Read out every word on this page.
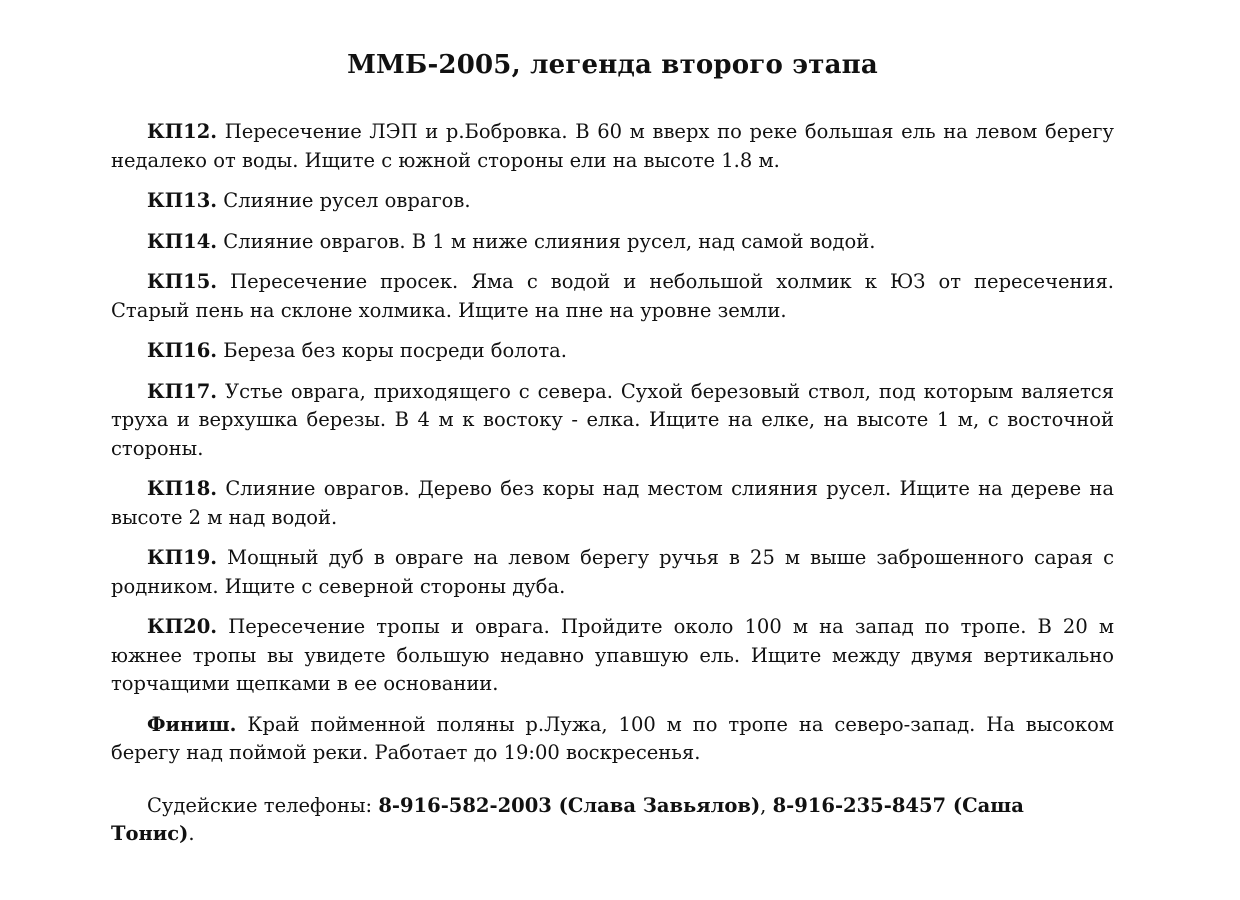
ММБ-2005, легенда второго этапа

КП12. Пересечение ЛЭП и р.Бобровка. В 60 м вверх по реке большая ель на левом берегу недалеко от воды. Ищите с южной стороны ели на высоте 1.8 м.

КП13. Слияние русел оврагов.

КП14. Слияние оврагов. В 1 м ниже слияния русел, над самой водой.

КП15. Пересечение просек. Яма с водой и небольшой холмик к ЮЗ от пересечения. Старый пень на склоне холмика. Ищите на пне на уровне земли.

КП16. Береза без коры посреди болота.

КП17. Устье оврага, приходящего с севера. Сухой березовый ствол, под которым валяется труха и верхушка березы. В 4 м к востоку - елка. Ищите на елке, на высоте 1 м, с восточной стороны.

КП18. Слияние оврагов. Дерево без коры над местом слияния русел. Ищите на дереве на высоте 2 м над водой.

КП19. Мощный дуб в овраге на левом берегу ручья в 25 м выше заброшенного сарая с родником. Ищите с северной стороны дуба.

КП20. Пересечение тропы и оврага. Пройдите около 100 м на запад по тропе. В 20 м южнее тропы вы увидете большую недавно упавшую ель. Ищите между двумя вертикально торчащими щепками в ее основании.

Финиш. Край пойменной поляны р.Лужа, 100 м по тропе на северо-запад. На высоком берегу над поймой реки. Работает до 19:00 воскресенья.

Судейские телефоны: 8-916-582-2003 (Слава Завьялов), 8-916-235-8457 (Саша Тонис).
